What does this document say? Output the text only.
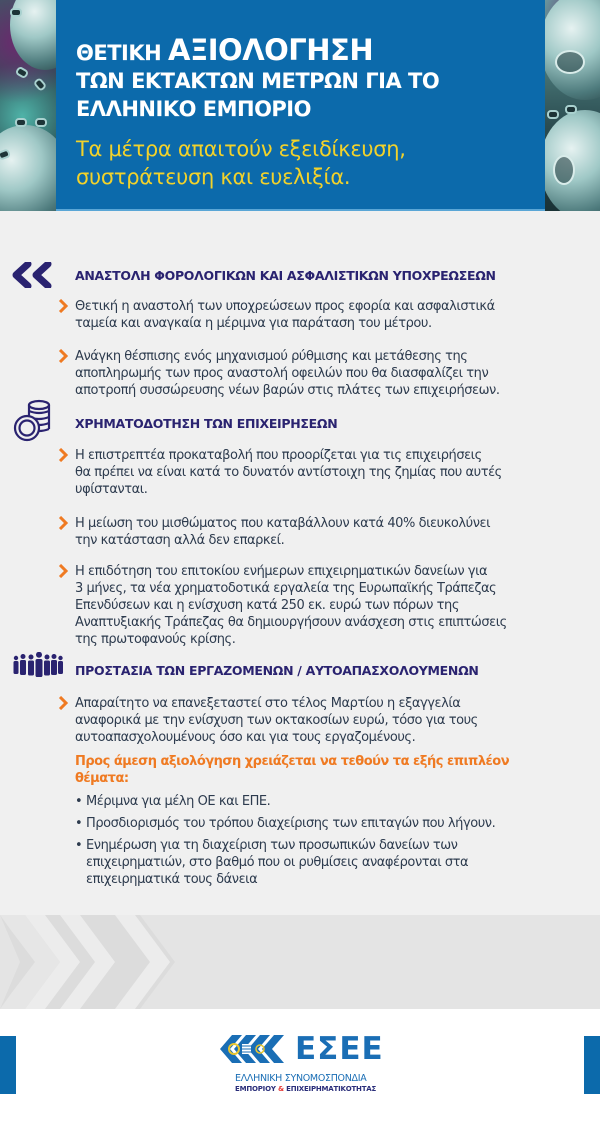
ΘΕΤΙΚΗ ΑΞΙΟΛΟΓΗΣΗ
ΤΩΝ ΕΚΤΑΚΤΩΝ ΜΕΤΡΩΝ ΓΙΑ ΤΟ
ΕΛΛΗΝΙΚΟ ΕΜΠΟΡΙΟ
Τα μέτρα απαιτούν εξειδίκευση,
συστράτευση και ευελιξία.
ΑΝΑΣΤΟΛΗ ΦΟΡΟΛΟΓΙΚΩΝ ΚΑΙ ΑΣΦΑΛΙΣΤΙΚΩΝ ΥΠΟΧΡΕΩΣΕΩΝ
Θετική η αναστολή των υποχρεώσεων προς εφορία και ασφαλιστικά
ταμεία και αναγκαία η μέριμνα για παράταση του μέτρου.
Ανάγκη θέσπισης ενός μηχανισμού ρύθμισης και μετάθεσης της
αποπληρωμής των προς αναστολή οφειλών που θα διασφαλίζει την
αποτροπή συσσώρευσης νέων βαρών στις πλάτες των επιχειρήσεων.
ΧΡΗΜΑΤΟΔΟΤΗΣΗ ΤΩΝ ΕΠΙΧΕΙΡΗΣΕΩΝ
Η επιστρεπτέα προκαταβολή που προορίζεται για τις επιχειρήσεις
θα πρέπει να είναι κατά το δυνατόν αντίστοιχη της ζημίας που αυτές
υφίστανται.
Η μείωση του μισθώματος που καταβάλλουν κατά 40% διευκολύνει
την κατάσταση αλλά δεν επαρκεί.
Η επιδότηση του επιτοκίου ενήμερων επιχειρηματικών δανείων για
3 μήνες, τα νέα χρηματοδοτικά εργαλεία της Ευρωπαϊκής Τράπεζας
Επενδύσεων και η ενίσχυση κατά 250 εκ. ευρώ των πόρων της
Αναπτυξιακής Τράπεζας θα δημιουργήσουν ανάσχεση στις επιπτώσεις
της πρωτοφανούς κρίσης.
ΠΡΟΣΤΑΣΙΑ ΤΩΝ ΕΡΓΑΖΟΜΕΝΩΝ / ΑΥΤΟΑΠΑΣΧΟΛΟΥΜΕΝΩΝ
Απαραίτητο να επανεξεταστεί στο τέλος Μαρτίου η εξαγγελία
αναφορικά με την ενίσχυση των οκτακοσίων ευρώ, τόσο για τους
αυτοαπασχολουμένους όσο και για τους εργαζομένους.
Προς άμεση αξιολόγηση χρειάζεται να τεθούν τα εξής επιπλέον
θέματα:
• Μέριμνα για μέλη ΟΕ και ΕΠΕ.
• Προσδιορισμός του τρόπου διαχείρισης των επιταγών που λήγουν.
• Ενημέρωση για τη διαχείριση των προσωπικών δανείων των
επιχειρηματιών, στο βαθμό που οι ρυθμίσεις αναφέρονται στα
επιχειρηματικά τους δάνεια
ΕΣΕΕ
ΕΛΛΗΝΙΚΗ ΣΥΝΟΜΟΣΠΟΝΔΙΑ
ΕΜΠΟΡΙΟΥ & ΕΠΙΧΕΙΡΗΜΑΤΙΚΟΤΗΤΑΣ
